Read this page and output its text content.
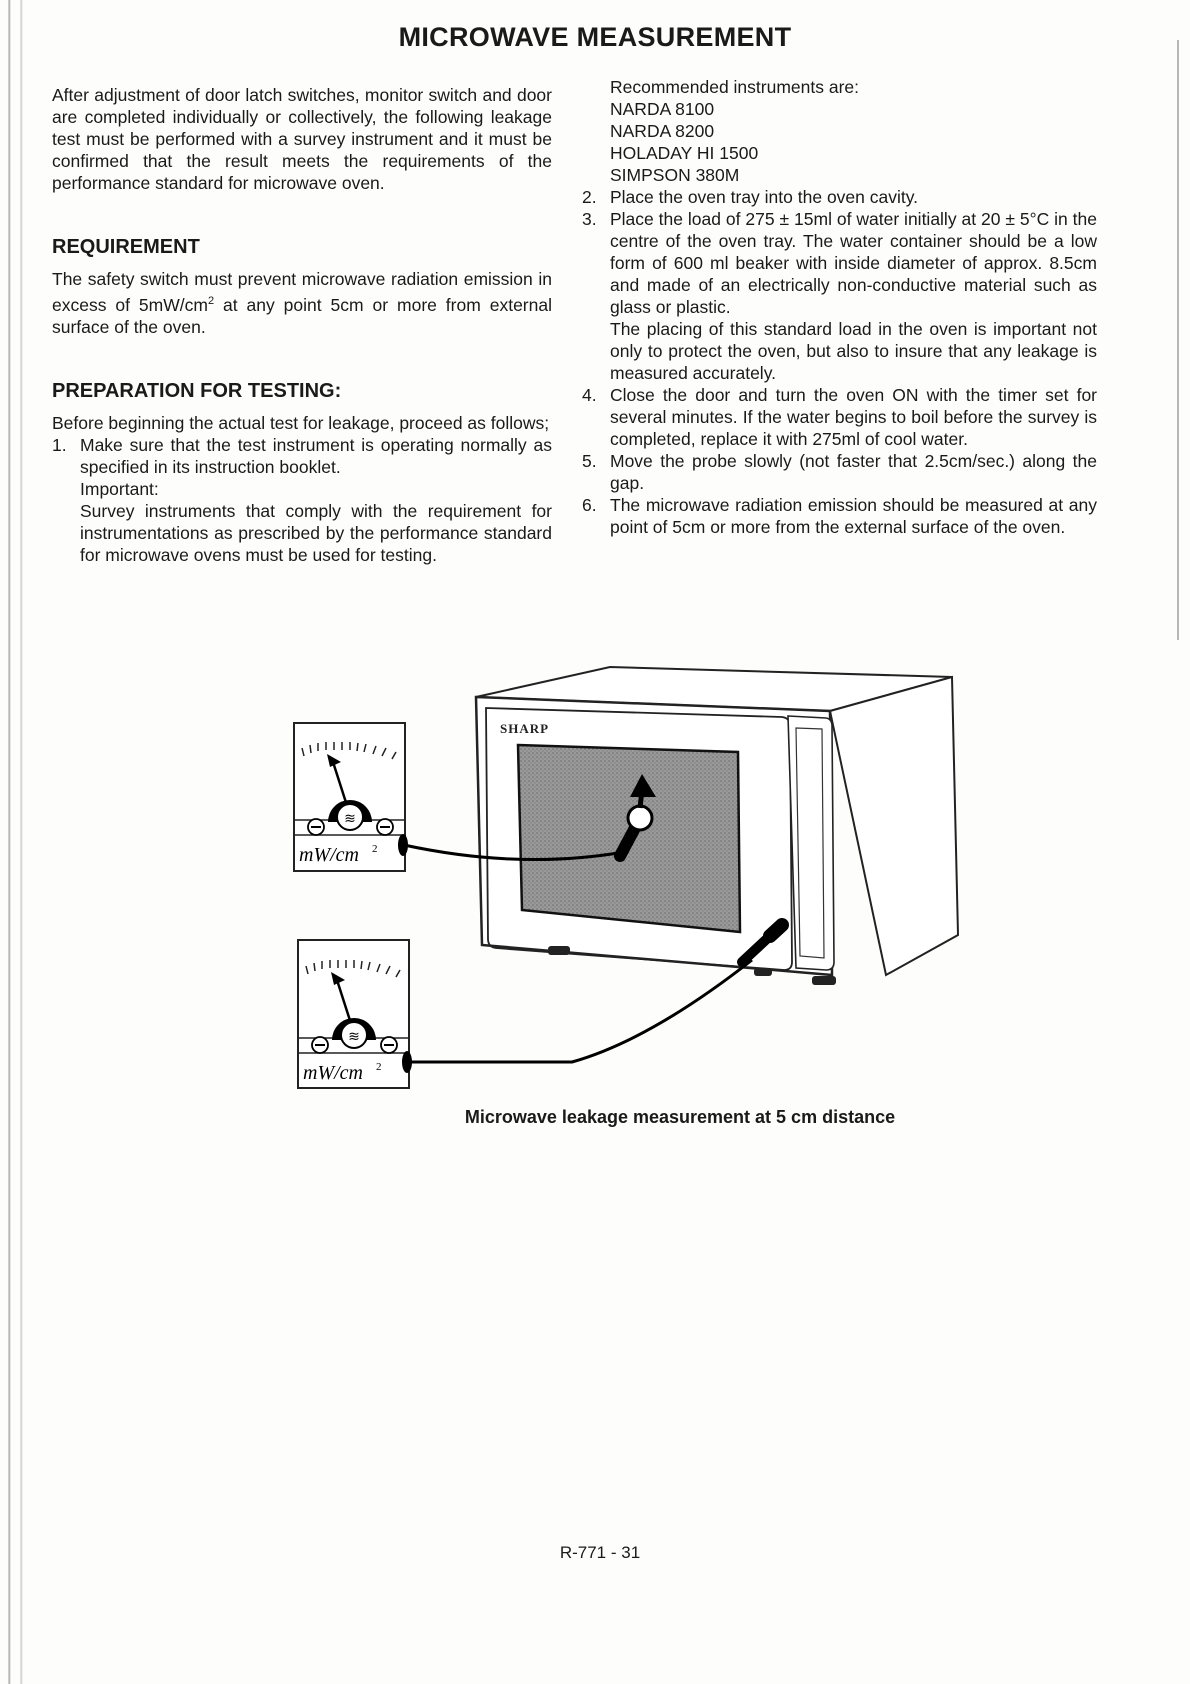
MICROWAVE MEASUREMENT

After adjustment of door latch switches, monitor switch and door are completed individually or collectively, the following leakage test must be performed with a survey instrument and it must be confirmed that the result meets the requirements of the performance standard for microwave oven.

REQUIREMENT

The safety switch must prevent microwave radiation emission in excess of $5mW/cm^2$ at any point 5cm or more from external surface of the oven.

PREPARATION FOR TESTING:

Before beginning the actual test for leakage, proceed as follows;

1. Make sure that the test instrument is operating normally as specified in its instruction booklet.
Important:
Survey instruments that comply with the requirement for instrumentations as prescribed by the performance standard for microwave ovens must be used for testing.
Recommended instruments are:
NARDA 8100
NARDA 8200
HOLADAY HI 1500
SIMPSON 380M
2. Place the oven tray into the oven cavity.
3. Place the load of 275 ± 15ml of water initially at 20 ± 5°C in the centre of the oven tray. The water container should be a low form of 600 ml beaker with inside diameter of approx. 8.5cm and made of an electrically non-conductive material such as glass or plastic.
The placing of this standard load in the oven is important not only to protect the oven, but also to insure that any leakage is measured accurately.
4. Close the door and turn the oven ON with the timer set for several minutes. If the water begins to boil before the survey is completed, replace it with 275ml of cool water.
5. Move the probe slowly (not faster that 2.5cm/sec.) along the gap.
6. The microwave radiation emission should be measured at any point of 5cm or more from the external surface of the oven.
SHARP
≋
mW/cm 2
≋
mW/cm 2
Microwave leakage measurement at 5 cm distance
R-771 - 31
